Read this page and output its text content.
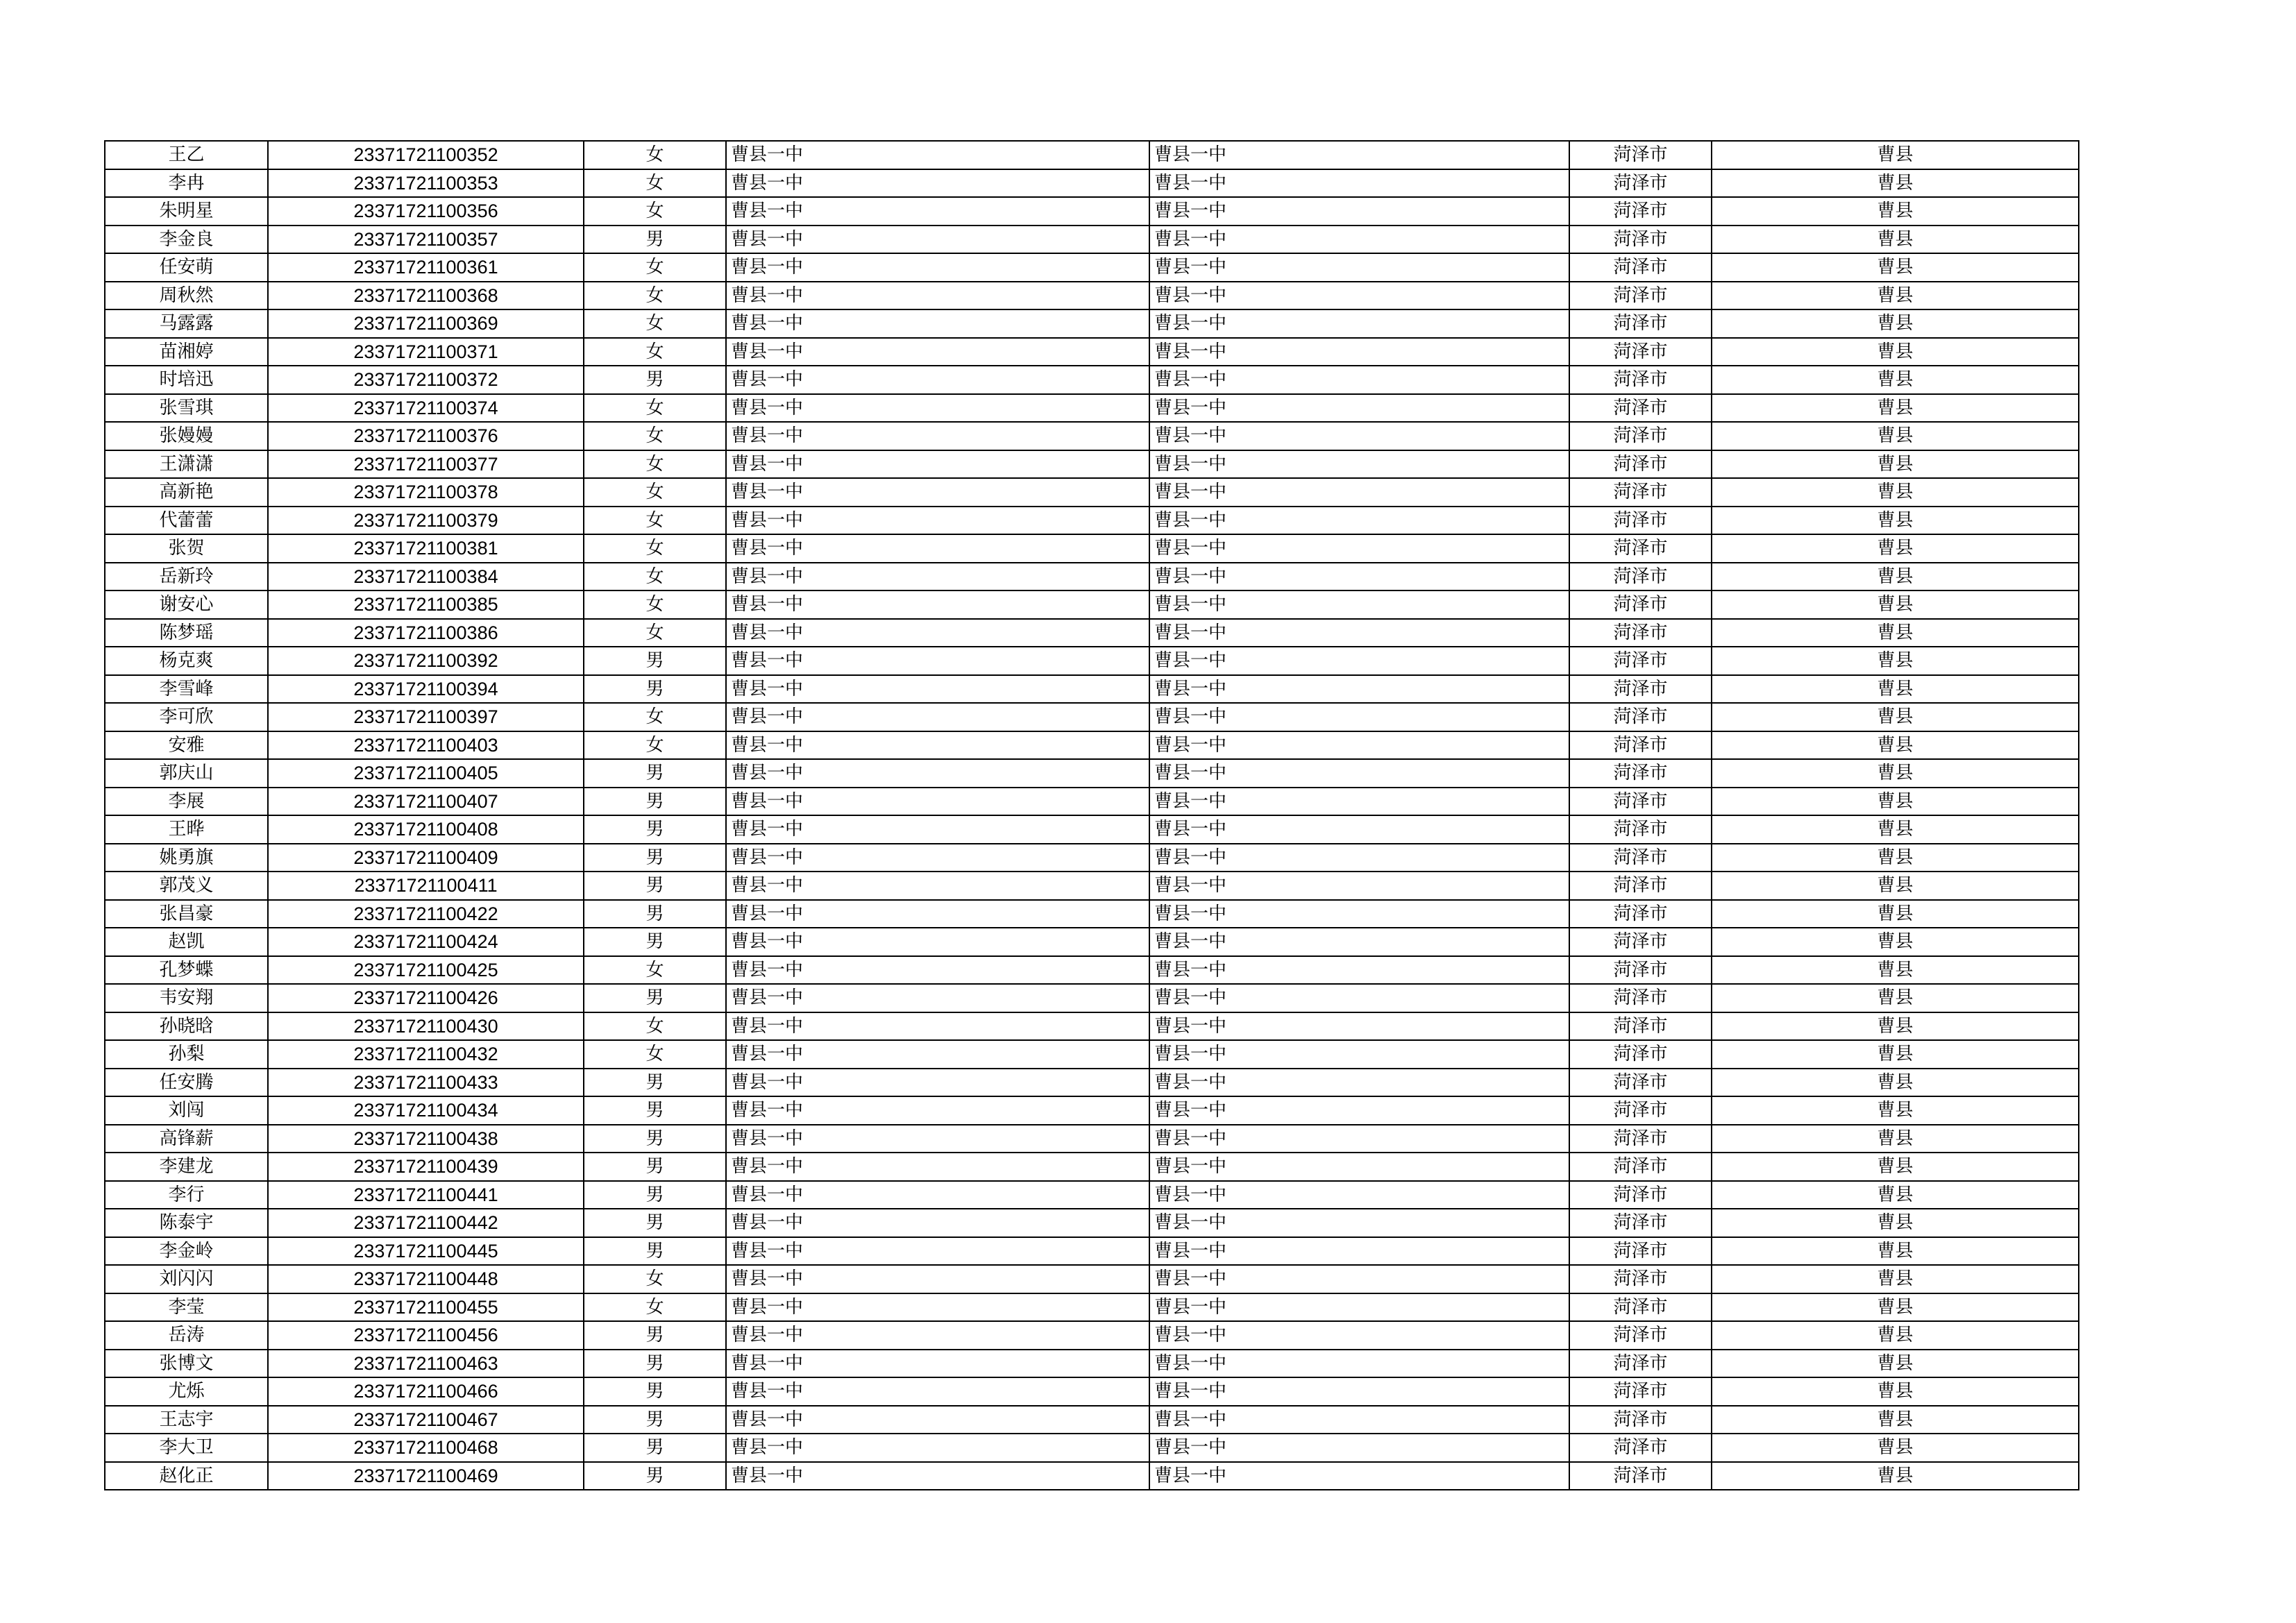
王乙	23371721100352	女	曹县一中	曹县一中	菏泽市	曹县
李冉	23371721100353	女	曹县一中	曹县一中	菏泽市	曹县
朱明星	23371721100356	女	曹县一中	曹县一中	菏泽市	曹县
李金良	23371721100357	男	曹县一中	曹县一中	菏泽市	曹县
任安萌	23371721100361	女	曹县一中	曹县一中	菏泽市	曹县
周秋然	23371721100368	女	曹县一中	曹县一中	菏泽市	曹县
马露露	23371721100369	女	曹县一中	曹县一中	菏泽市	曹县
苗湘婷	23371721100371	女	曹县一中	曹县一中	菏泽市	曹县
时培迅	23371721100372	男	曹县一中	曹县一中	菏泽市	曹县
张雪琪	23371721100374	女	曹县一中	曹县一中	菏泽市	曹县
张嫚嫚	23371721100376	女	曹县一中	曹县一中	菏泽市	曹县
王潇潇	23371721100377	女	曹县一中	曹县一中	菏泽市	曹县
高新艳	23371721100378	女	曹县一中	曹县一中	菏泽市	曹县
代蕾蕾	23371721100379	女	曹县一中	曹县一中	菏泽市	曹县
张贺	23371721100381	女	曹县一中	曹县一中	菏泽市	曹县
岳新玲	23371721100384	女	曹县一中	曹县一中	菏泽市	曹县
谢安心	23371721100385	女	曹县一中	曹县一中	菏泽市	曹县
陈梦瑶	23371721100386	女	曹县一中	曹县一中	菏泽市	曹县
杨克爽	23371721100392	男	曹县一中	曹县一中	菏泽市	曹县
李雪峰	23371721100394	男	曹县一中	曹县一中	菏泽市	曹县
李可欣	23371721100397	女	曹县一中	曹县一中	菏泽市	曹县
安雅	23371721100403	女	曹县一中	曹县一中	菏泽市	曹县
郭庆山	23371721100405	男	曹县一中	曹县一中	菏泽市	曹县
李展	23371721100407	男	曹县一中	曹县一中	菏泽市	曹县
王晔	23371721100408	男	曹县一中	曹县一中	菏泽市	曹县
姚勇旗	23371721100409	男	曹县一中	曹县一中	菏泽市	曹县
郭茂义	23371721100411	男	曹县一中	曹县一中	菏泽市	曹县
张昌豪	23371721100422	男	曹县一中	曹县一中	菏泽市	曹县
赵凯	23371721100424	男	曹县一中	曹县一中	菏泽市	曹县
孔梦蝶	23371721100425	女	曹县一中	曹县一中	菏泽市	曹县
韦安翔	23371721100426	男	曹县一中	曹县一中	菏泽市	曹县
孙晓晗	23371721100430	女	曹县一中	曹县一中	菏泽市	曹县
孙梨	23371721100432	女	曹县一中	曹县一中	菏泽市	曹县
任安腾	23371721100433	男	曹县一中	曹县一中	菏泽市	曹县
刘闯	23371721100434	男	曹县一中	曹县一中	菏泽市	曹县
高锋薪	23371721100438	男	曹县一中	曹县一中	菏泽市	曹县
李建龙	23371721100439	男	曹县一中	曹县一中	菏泽市	曹县
李行	23371721100441	男	曹县一中	曹县一中	菏泽市	曹县
陈泰宇	23371721100442	男	曹县一中	曹县一中	菏泽市	曹县
李金岭	23371721100445	男	曹县一中	曹县一中	菏泽市	曹县
刘闪闪	23371721100448	女	曹县一中	曹县一中	菏泽市	曹县
李莹	23371721100455	女	曹县一中	曹县一中	菏泽市	曹县
岳涛	23371721100456	男	曹县一中	曹县一中	菏泽市	曹县
张博文	23371721100463	男	曹县一中	曹县一中	菏泽市	曹县
尤烁	23371721100466	男	曹县一中	曹县一中	菏泽市	曹县
王志宇	23371721100467	男	曹县一中	曹县一中	菏泽市	曹县
李大卫	23371721100468	男	曹县一中	曹县一中	菏泽市	曹县
赵化正	23371721100469	男	曹县一中	曹县一中	菏泽市	曹县
